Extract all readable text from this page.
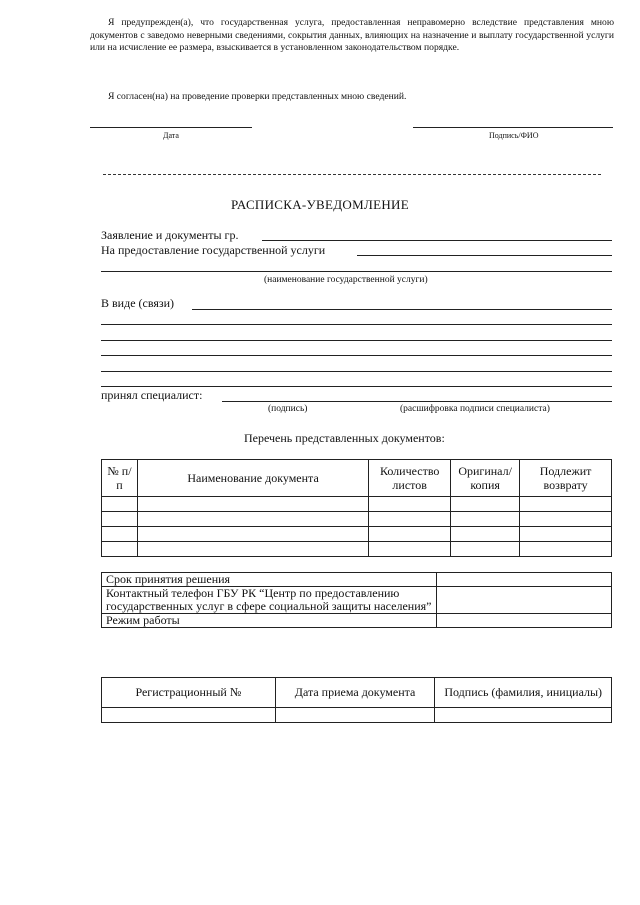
Я предупрежден(а), что государственная услуга, предоставленная неправомерно вследствие представления мною документов с заведомо неверными сведениями, сокрытия данных, влияющих на назначение и выплату государственной услуги или на исчисление ее размера, взыскивается в установленном законодательством порядке.
Я согласен(на) на проведение проверки представленных мною сведений.
Дата	Подпись/ФИО
РАСПИСКА-УВЕДОМЛЕНИЕ
Заявление и документы гр.
На предоставление государственной услуги
(наименование государственной услуги)
В виде (связи)
принял специалист:
(подпись)	(расшифровка подписи специалиста)
Перечень представленных документов:
№ п/п	Наименование документа	Количество листов	Оригинал/ копия	Подлежит возврату

Срок принятия решения	
Контактный телефон ГБУ РК “Центр по предоставлению государственных услуг в сфере социальной защиты населения”	
Режим работы	
Регистрационный №	Дата приема документа	Подпись (фамилия, инициалы)
